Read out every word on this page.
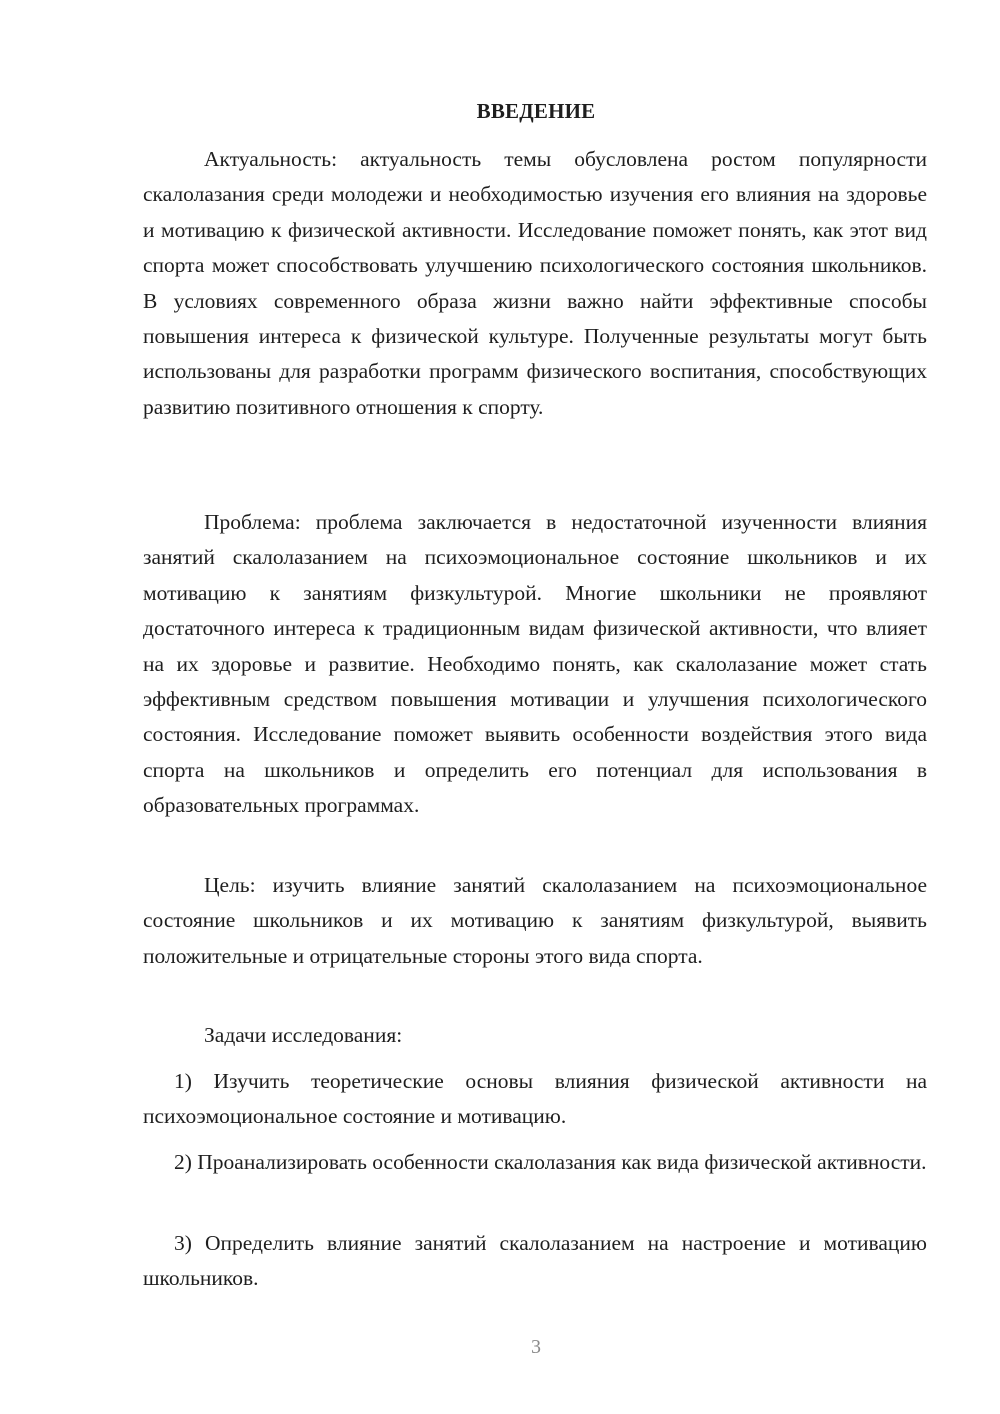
ВВЕДЕНИЕ

Актуальность: актуальность темы обусловлена ростом популярности скалолазания среди молодежи и необходимостью изучения его влияния на здоровье и мотивацию к физической активности. Исследование поможет понять, как этот вид спорта может способствовать улучшению психологического состояния школьников. В условиях современного образа жизни важно найти эффективные способы повышения интереса к физической культуре. Полученные результаты могут быть использованы для разработки программ физического воспитания, способствующих развитию позитивного отношения к спорту.

Проблема: проблема заключается в недостаточной изученности влияния занятий скалолазанием на психоэмоциональное состояние школьников и их мотивацию к занятиям физкультурой. Многие школьники не проявляют достаточного интереса к традиционным видам физической активности, что влияет на их здоровье и развитие. Необходимо понять, как скалолазание может стать эффективным средством повышения мотивации и улучшения психологического состояния. Исследование поможет выявить особенности воздействия этого вида спорта на школьников и определить его потенциал для использования в образовательных программах.

Цель: изучить влияние занятий скалолазанием на психоэмоциональное состояние школьников и их мотивацию к занятиям физкультурой, выявить положительные и отрицательные стороны этого вида спорта.

Задачи исследования:

1) Изучить теоретические основы влияния физической активности на психоэмоциональное состояние и мотивацию.

2) Проанализировать особенности скалолазания как вида физической активности.

3) Определить влияние занятий скалолазанием на настроение и мотивацию школьников.

3
